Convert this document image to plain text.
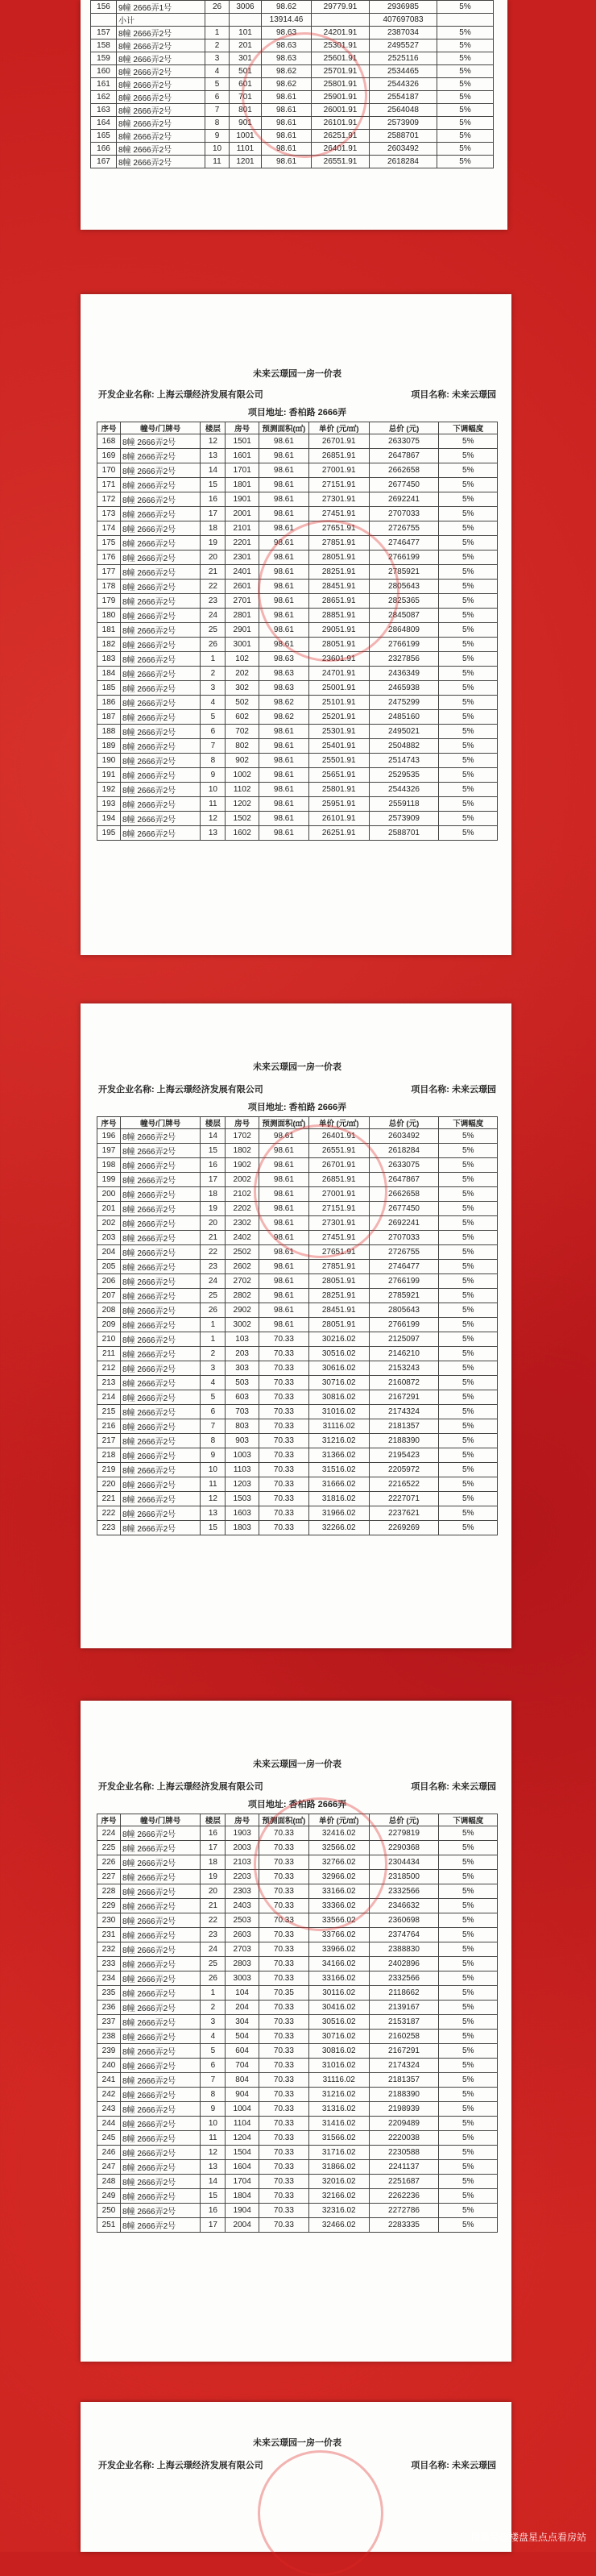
156	9幢 2666弄1号	26	3006	98.62	29779.91	2936985	5%
	小计			13914.46		407697083	
157	8幢 2666弄2号	1	101	98.63	24201.91	2387034	5%
158	8幢 2666弄2号	2	201	98.63	25301.91	2495527	5%
159	8幢 2666弄2号	3	301	98.63	25601.91	2525116	5%
160	8幢 2666弄2号	4	501	98.62	25701.91	2534465	5%
161	8幢 2666弄2号	5	601	98.62	25801.91	2544326	5%
162	8幢 2666弄2号	6	701	98.61	25901.91	2554187	5%
163	8幢 2666弄2号	7	801	98.61	26001.91	2564048	5%
164	8幢 2666弄2号	8	901	98.61	26101.91	2573909	5%
165	8幢 2666弄2号	9	1001	98.61	26251.91	2588701	5%
166	8幢 2666弄2号	10	1101	98.61	26401.91	2603492	5%
167	8幢 2666弄2号	11	1201	98.61	26551.91	2618284	5%
未来云璟园一房一价表
开发企业名称: 上海云璟经济发展有限公司	项目名称: 未来云璟园
项目地址: 香柏路 2666弄
序号	幢号/门牌号	楼层	房号	预测面积(㎡)	单价 (元/㎡)	总价 (元)	下调幅度
168	8幢 2666弄2号	12	1501	98.61	26701.91	2633075	5%
169	8幢 2666弄2号	13	1601	98.61	26851.91	2647867	5%
170	8幢 2666弄2号	14	1701	98.61	27001.91	2662658	5%
171	8幢 2666弄2号	15	1801	98.61	27151.91	2677450	5%
172	8幢 2666弄2号	16	1901	98.61	27301.91	2692241	5%
173	8幢 2666弄2号	17	2001	98.61	27451.91	2707033	5%
174	8幢 2666弄2号	18	2101	98.61	27651.91	2726755	5%
175	8幢 2666弄2号	19	2201	98.61	27851.91	2746477	5%
176	8幢 2666弄2号	20	2301	98.61	28051.91	2766199	5%
177	8幢 2666弄2号	21	2401	98.61	28251.91	2785921	5%
178	8幢 2666弄2号	22	2601	98.61	28451.91	2805643	5%
179	8幢 2666弄2号	23	2701	98.61	28651.91	2825365	5%
180	8幢 2666弄2号	24	2801	98.61	28851.91	2845087	5%
181	8幢 2666弄2号	25	2901	98.61	29051.91	2864809	5%
182	8幢 2666弄2号	26	3001	98.61	28051.91	2766199	5%
183	8幢 2666弄2号	1	102	98.63	23601.91	2327856	5%
184	8幢 2666弄2号	2	202	98.63	24701.91	2436349	5%
185	8幢 2666弄2号	3	302	98.63	25001.91	2465938	5%
186	8幢 2666弄2号	4	502	98.62	25101.91	2475299	5%
187	8幢 2666弄2号	5	602	98.62	25201.91	2485160	5%
188	8幢 2666弄2号	6	702	98.61	25301.91	2495021	5%
189	8幢 2666弄2号	7	802	98.61	25401.91	2504882	5%
190	8幢 2666弄2号	8	902	98.61	25501.91	2514743	5%
191	8幢 2666弄2号	9	1002	98.61	25651.91	2529535	5%
192	8幢 2666弄2号	10	1102	98.61	25801.91	2544326	5%
193	8幢 2666弄2号	11	1202	98.61	25951.91	2559118	5%
194	8幢 2666弄2号	12	1502	98.61	26101.91	2573909	5%
195	8幢 2666弄2号	13	1602	98.61	26251.91	2588701	5%
未来云璟园一房一价表
开发企业名称: 上海云璟经济发展有限公司	项目名称: 未来云璟园
项目地址: 香柏路 2666弄
序号	幢号/门牌号	楼层	房号	预测面积(㎡)	单价 (元/㎡)	总价 (元)	下调幅度
196	8幢 2666弄2号	14	1702	98.61	26401.91	2603492	5%
197	8幢 2666弄2号	15	1802	98.61	26551.91	2618284	5%
198	8幢 2666弄2号	16	1902	98.61	26701.91	2633075	5%
199	8幢 2666弄2号	17	2002	98.61	26851.91	2647867	5%
200	8幢 2666弄2号	18	2102	98.61	27001.91	2662658	5%
201	8幢 2666弄2号	19	2202	98.61	27151.91	2677450	5%
202	8幢 2666弄2号	20	2302	98.61	27301.91	2692241	5%
203	8幢 2666弄2号	21	2402	98.61	27451.91	2707033	5%
204	8幢 2666弄2号	22	2502	98.61	27651.91	2726755	5%
205	8幢 2666弄2号	23	2602	98.61	27851.91	2746477	5%
206	8幢 2666弄2号	24	2702	98.61	28051.91	2766199	5%
207	8幢 2666弄2号	25	2802	98.61	28251.91	2785921	5%
208	8幢 2666弄2号	26	2902	98.61	28451.91	2805643	5%
209	8幢 2666弄2号	1	3002	98.61	28051.91	2766199	5%
210	8幢 2666弄2号	1	103	70.33	30216.02	2125097	5%
211	8幢 2666弄2号	2	203	70.33	30516.02	2146210	5%
212	8幢 2666弄2号	3	303	70.33	30616.02	2153243	5%
213	8幢 2666弄2号	4	503	70.33	30716.02	2160872	5%
214	8幢 2666弄2号	5	603	70.33	30816.02	2167291	5%
215	8幢 2666弄2号	6	703	70.33	31016.02	2174324	5%
216	8幢 2666弄2号	7	803	70.33	31116.02	2181357	5%
217	8幢 2666弄2号	8	903	70.33	31216.02	2188390	5%
218	8幢 2666弄2号	9	1003	70.33	31366.02	2195423	5%
219	8幢 2666弄2号	10	1103	70.33	31516.02	2205972	5%
220	8幢 2666弄2号	11	1203	70.33	31666.02	2216522	5%
221	8幢 2666弄2号	12	1503	70.33	31816.02	2227071	5%
222	8幢 2666弄2号	13	1603	70.33	31966.02	2237621	5%
223	8幢 2666弄2号	15	1803	70.33	32266.02	2269269	5%
未来云璟园一房一价表
开发企业名称: 上海云璟经济发展有限公司	项目名称: 未来云璟园
项目地址: 香柏路 2666弄
序号	幢号/门牌号	楼层	房号	预测面积(㎡)	单价 (元/㎡)	总价 (元)	下调幅度
224	8幢 2666弄2号	16	1903	70.33	32416.02	2279819	5%
225	8幢 2666弄2号	17	2003	70.33	32566.02	2290368	5%
226	8幢 2666弄2号	18	2103	70.33	32766.02	2304434	5%
227	8幢 2666弄2号	19	2203	70.33	32966.02	2318500	5%
228	8幢 2666弄2号	20	2303	70.33	33166.02	2332566	5%
229	8幢 2666弄2号	21	2403	70.33	33366.02	2346632	5%
230	8幢 2666弄2号	22	2503	70.33	33566.02	2360698	5%
231	8幢 2666弄2号	23	2603	70.33	33766.02	2374764	5%
232	8幢 2666弄2号	24	2703	70.33	33966.02	2388830	5%
233	8幢 2666弄2号	25	2803	70.33	34166.02	2402896	5%
234	8幢 2666弄2号	26	3003	70.33	33166.02	2332566	5%
235	8幢 2666弄2号	1	104	70.35	30116.02	2118662	5%
236	8幢 2666弄2号	2	204	70.33	30416.02	2139167	5%
237	8幢 2666弄2号	3	304	70.33	30516.02	2153187	5%
238	8幢 2666弄2号	4	504	70.33	30716.02	2160258	5%
239	8幢 2666弄2号	5	604	70.33	30816.02	2167291	5%
240	8幢 2666弄2号	6	704	70.33	31016.02	2174324	5%
241	8幢 2666弄2号	7	804	70.33	31116.02	2181357	5%
242	8幢 2666弄2号	8	904	70.33	31216.02	2188390	5%
243	8幢 2666弄2号	9	1004	70.33	31316.02	2198939	5%
244	8幢 2666弄2号	10	1104	70.33	31416.02	2209489	5%
245	8幢 2666弄2号	11	1204	70.33	31566.02	2220038	5%
246	8幢 2666弄2号	12	1504	70.33	31716.02	2230588	5%
247	8幢 2666弄2号	13	1604	70.33	31866.02	2241137	5%
248	8幢 2666弄2号	14	1704	70.33	32016.02	2251687	5%
249	8幢 2666弄2号	15	1804	70.33	32166.02	2262236	5%
250	8幢 2666弄2号	16	1904	70.33	32316.02	2272786	5%
251	8幢 2666弄2号	17	2004	70.33	32466.02	2283335	5%
未来云璟园一房一价表
开发企业名称: 上海云璟经济发展有限公司	项目名称: 未来云璟园
搜狐号@楼盘星点点看房站
